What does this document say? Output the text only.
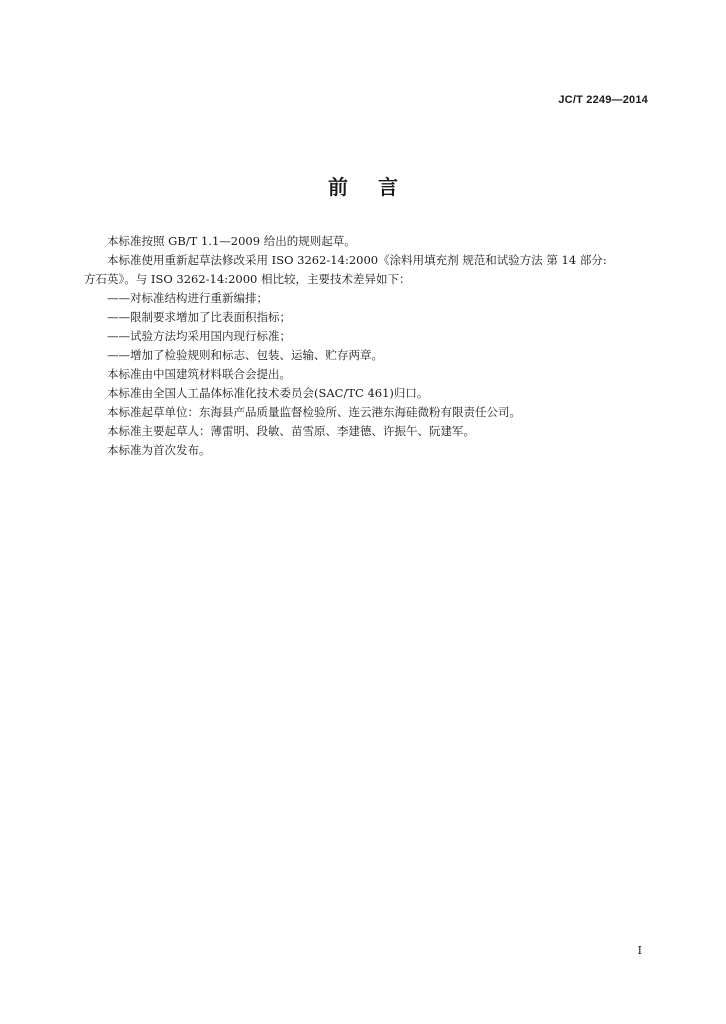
JC/T 2249—2014
前言

本标准按照 GB/T 1.1—2009 给出的规则起草。

本标准使用重新起草法修改采用 ISO 3262-14:2000《涂料用填充剂 规范和试验方法 第 14 部分:

方石英》。与 ISO 3262-14:2000 相比较，主要技术差异如下：

——对标准结构进行重新编排；

——限制要求增加了比表面积指标；

——试验方法均采用国内现行标准；

——增加了检验规则和标志、包装、运输、贮存两章。

本标准由中国建筑材料联合会提出。

本标准由全国人工晶体标准化技术委员会(SAC/TC 461)归口。

本标准起草单位：东海县产品质量监督检验所、连云港东海硅微粉有限责任公司。

本标准主要起草人：薄雷明、段敏、苗雪原、李建德、许振午、阮建军。

本标准为首次发布。

I
